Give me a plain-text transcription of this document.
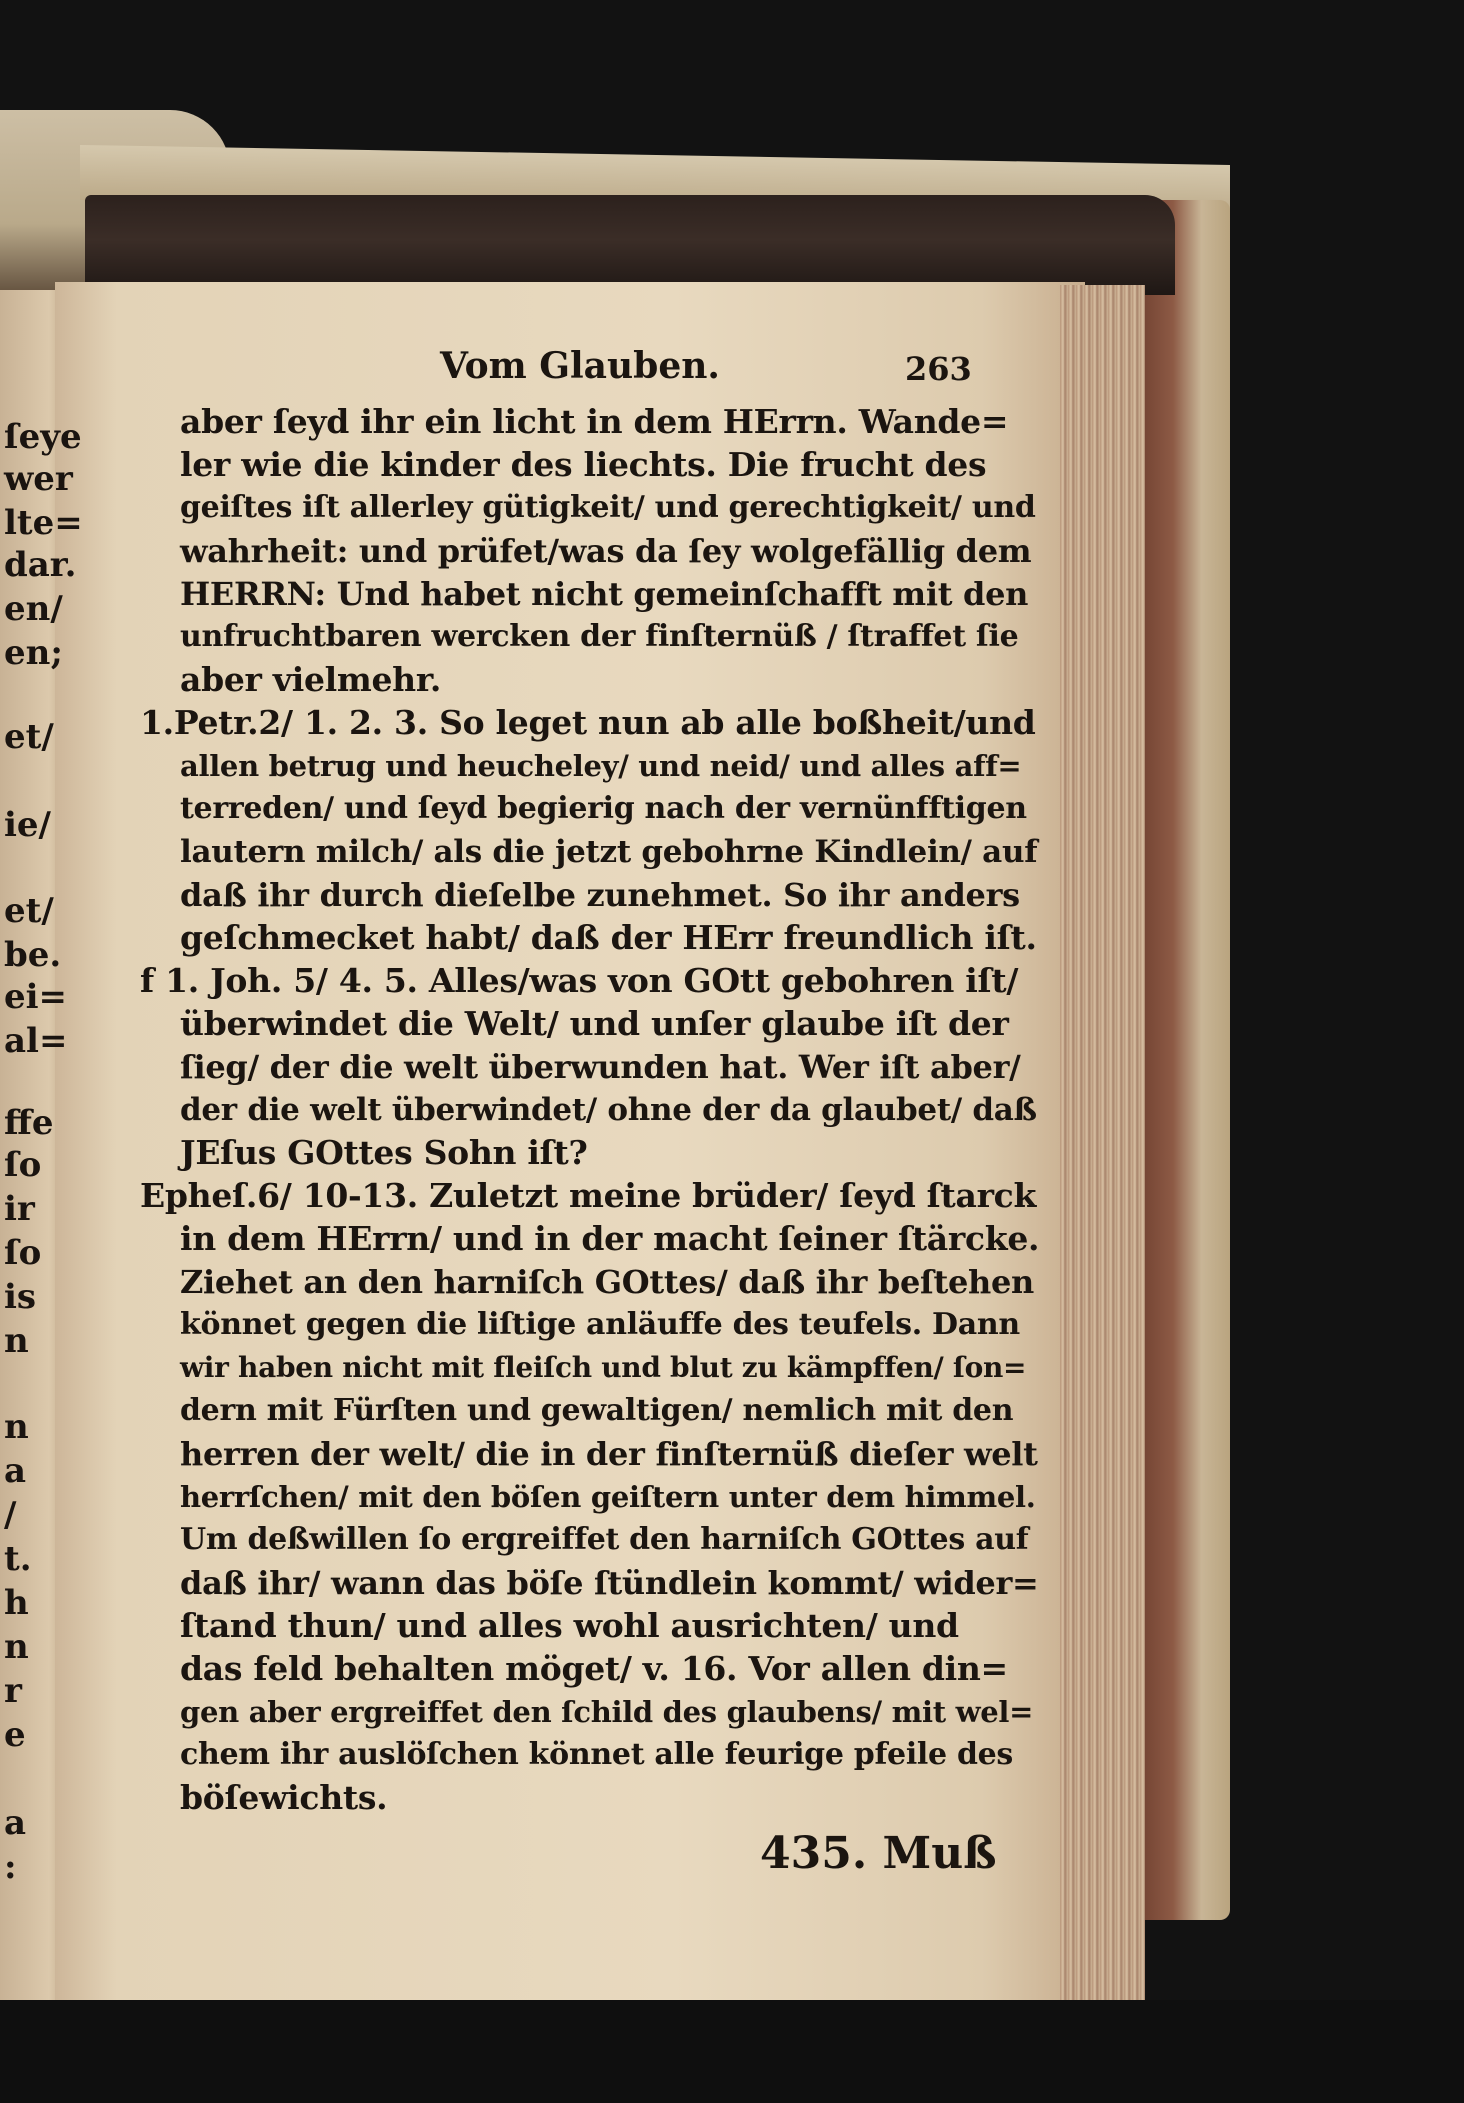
ſeye
wer
lte=
dar.
en/
en;
et/
ie/
et/
be.
ei=
al=
ffe
ſo
ir
ſo
is
n
n
a
/
t.
h
n
r
e
a
:
Vom Glauben.	263
aber ſeyd ihr ein licht in dem HErrn. Wande=
ler wie die kinder des liechts. Die frucht des
geiſtes iſt allerley gütigkeit/ und gerechtigkeit/ und
wahrheit: und prüfet/was da ſey wolgefällig dem
HERRN: Und habet nicht gemeinſchafft mit den
unfruchtbaren wercken der finſternüß / ſtraffet ſie
aber vielmehr.
1.Petr.2/ 1. 2. 3. So leget nun ab alle boßheit/und
allen betrug und heucheley/ und neid/ und alles aff=
terreden/ und ſeyd begierig nach der vernünfftigen
lautern milch/ als die jetzt gebohrne Kindlein/ auf
daß ihr durch dieſelbe zunehmet. So ihr anders
geſchmecket habt/ daß der HErr freundlich iſt.
f 1. Joh. 5/ 4. 5. Alles/was von GOtt gebohren iſt/
überwindet die Welt/ und unſer glaube iſt der
ſieg/ der die welt überwunden hat. Wer iſt aber/
der die welt überwindet/ ohne der da glaubet/ daß
JEſus GOttes Sohn iſt?
Epheſ.6/ 10-13. Zuletzt meine brüder/ ſeyd ſtarck
in dem HErrn/ und in der macht ſeiner ſtärcke.
Ziehet an den harniſch GOttes/ daß ihr beſtehen
könnet gegen die liſtige anläuffe des teufels. Dann
wir haben nicht mit fleiſch und blut zu kämpffen/ ſon=
dern mit Fürſten und gewaltigen/ nemlich mit den
herren der welt/ die in der finſternüß dieſer welt
herrſchen/ mit den böſen geiſtern unter dem himmel.
Um deßwillen ſo ergreiffet den harniſch GOttes auf
daß ihr/ wann das böſe ſtündlein kommt/ wider=
ſtand thun/ und alles wohl ausrichten/ und
das feld behalten möget/ v. 16. Vor allen din=
gen aber ergreiffet den ſchild des glaubens/ mit wel=
chem ihr auslöſchen könnet alle feurige pfeile des
böſewichts.
435. Muß
